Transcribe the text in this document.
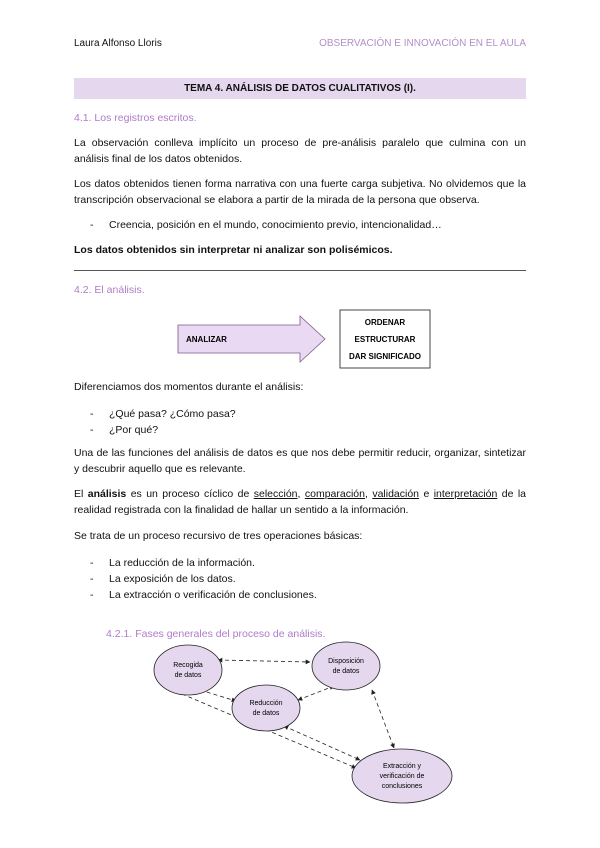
Laura Alfonso Lloris	OBSERVACIÓN E INNOVACIÓN EN EL AULA
TEMA 4. ANÁLISIS DE DATOS CUALITATIVOS (I).
4.1. Los registros escritos.
La observación conlleva implícito un proceso de pre-análisis paralelo que culmina con un análisis final de los datos obtenidos.
Los datos obtenidos tienen forma narrativa con una fuerte carga subjetiva. No olvidemos que la transcripción observacional se elabora a partir de la mirada de la persona que observa.
- Creencia, posición en el mundo, conocimiento previo, intencionalidad…
Los datos obtenidos sin interpretar ni analizar son polisémicos.
4.2. El análisis.
ANALIZAR
ORDENAR
ESTRUCTURAR
DAR SIGNIFICADO
Diferenciamos dos momentos durante el análisis:
- ¿Qué pasa? ¿Cómo pasa?
- ¿Por qué?
Una de las funciones del análisis de datos es que nos debe permitir reducir, organizar, sintetizar y descubrir aquello que es relevante.
El análisis es un proceso cíclico de selección, comparación, validación e interpretación de la realidad registrada con la finalidad de hallar un sentido a la información.
Se trata de un proceso recursivo de tres operaciones básicas:
- La reducción de la información.
- La exposición de los datos.
- La extracción o verificación de conclusiones.
4.2.1. Fases generales del proceso de análisis.
Recogida
de datos
Disposición
de datos
Reducción
de datos
Extracción y
verificación de
conclusiones
